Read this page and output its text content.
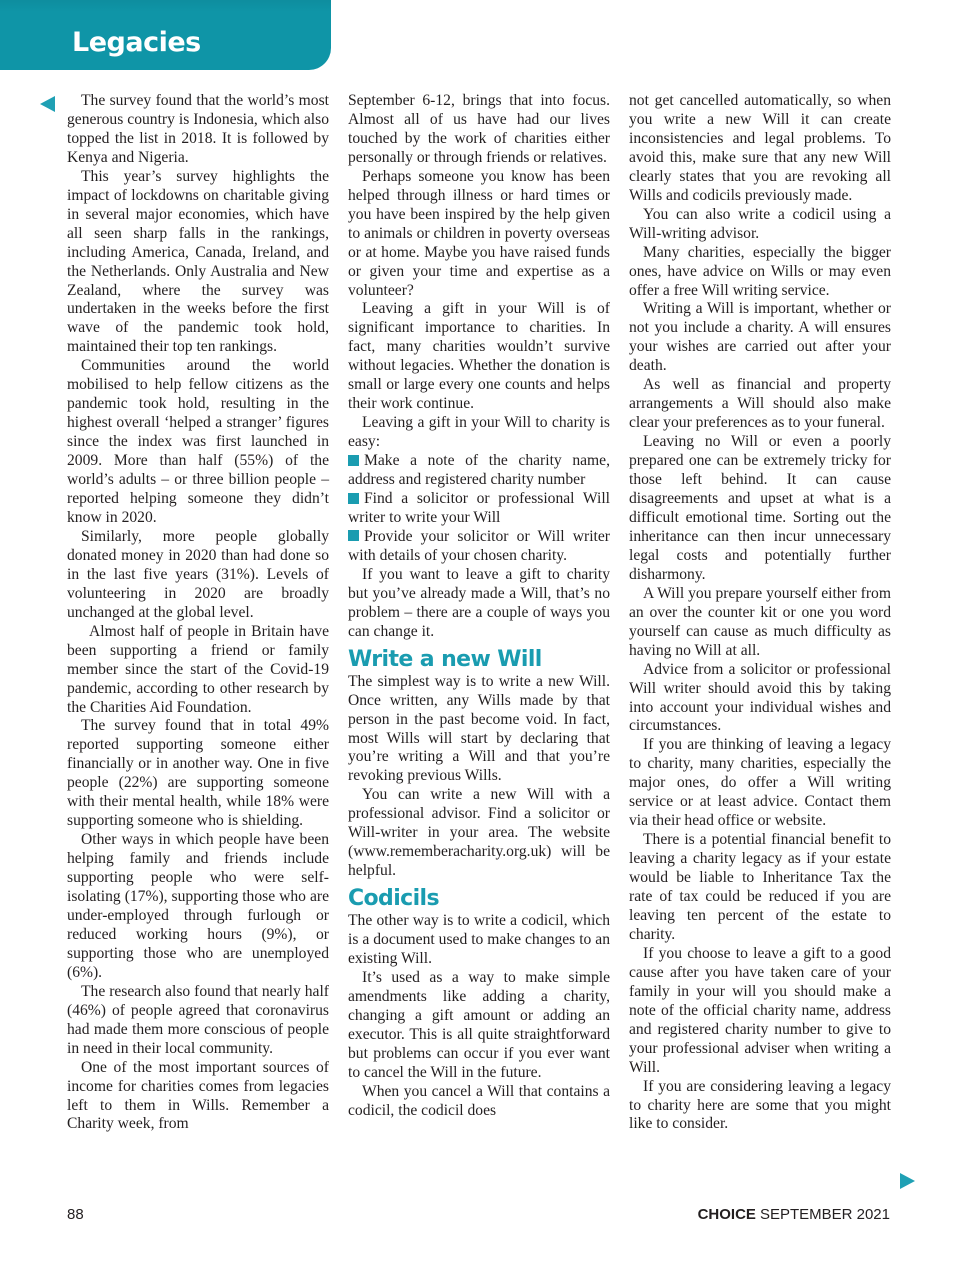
Legacies

The survey found that the world’s most generous country is Indonesia, which also topped the list in 2018. It is followed by Kenya and Nigeria.

This year’s survey highlights the impact of lockdowns on charitable giving in several major economies, which have all seen sharp falls in the rankings, including America, Canada, Ireland, and the Netherlands. Only Australia and New Zealand, where the survey was undertaken in the weeks before the first wave of the pandemic took hold, maintained their top ten rankings.

Communities around the world mobilised to help fellow citizens as the pandemic took hold, resulting in the highest overall ‘helped a stranger’ figures since the index was first launched in 2009. More than half (55%) of the world’s adults – or three billion people – reported helping someone they didn’t know in 2020.

Similarly, more people globally donated money in 2020 than had done so in the last five years (31%). Levels of volunteering in 2020 are broadly unchanged at the global level.

Almost half of people in Britain have been supporting a friend or family member since the start of the Covid-19 pandemic, according to other research by the Charities Aid Foundation.

The survey found that in total 49% reported supporting someone either financially or in another way. One in five people (22%) are supporting someone with their mental health, while 18% were supporting someone who is shielding.

Other ways in which people have been helping family and friends include supporting people who were self-isolating (17%), supporting those who are under-employed through furlough or reduced working hours (9%), or supporting those who are unemployed (6%).

The research also found that nearly half (46%) of people agreed that coronavirus had made them more conscious of people in need in their local community.

One of the most important sources of income for charities comes from legacies left to them in Wills. Remember a Charity week, from

September 6-12, brings that into focus. Almost all of us have had our lives touched by the work of charities either personally or through friends or relatives.

Perhaps someone you know has been helped through illness or hard times or you have been inspired by the help given to animals or children in poverty overseas or at home. Maybe you have raised funds or given your time and expertise as a volunteer?

Leaving a gift in your Will is of significant importance to charities. In fact, many charities wouldn’t survive without legacies. Whether the donation is small or large every one counts and helps their work continue.

Leaving a gift in your Will to charity is easy:

Make a note of the charity name, address and registered charity number

Find a solicitor or professional Will writer to write your Will

Provide your solicitor or Will writer with details of your chosen charity.

If you want to leave a gift to charity but you’ve already made a Will, that’s no problem – there are a couple of ways you can change it.

Write a new Will

The simplest way is to write a new Will. Once written, any Wills made by that person in the past become void. In fact, most Wills will start by declaring that you’re writing a Will and that you’re revoking previous Wills.

You can write a new Will with a professional advisor. Find a solicitor or Will-writer in your area. The website (www.rememberacharity.org.uk) will be helpful.

Codicils

The other way is to write a codicil, which is a document used to make changes to an existing Will.

It’s used as a way to make simple amendments like adding a charity, changing a gift amount or adding an executor. This is all quite straightforward but problems can occur if you ever want to cancel the Will in the future.

When you cancel a Will that contains a codicil, the codicil does

not get cancelled automatically, so when you write a new Will it can create inconsistencies and legal problems. To avoid this, make sure that any new Will clearly states that you are revoking all Wills and codicils previously made.

You can also write a codicil using a Will-writing advisor.

Many charities, especially the bigger ones, have advice on Wills or may even offer a free Will writing service.

Writing a Will is important, whether or not you include a charity. A will ensures your wishes are carried out after your death.

As well as financial and property arrangements a Will should also make clear your preferences as to your funeral.

Leaving no Will or even a poorly prepared one can be extremely tricky for those left behind. It can cause disagreements and upset at what is a difficult emotional time. Sorting out the inheritance can then incur unnecessary legal costs and potentially further disharmony.

A Will you prepare yourself either from an over the counter kit or one you word yourself can cause as much difficulty as having no Will at all.

Advice from a solicitor or professional Will writer should avoid this by taking into account your individual wishes and circumstances.

If you are thinking of leaving a legacy to charity, many charities, especially the major ones, do offer a Will writing service or at least advice. Contact them via their head office or website.

There is a potential financial benefit to leaving a charity legacy as if your estate would be liable to Inheritance Tax the rate of tax could be reduced if you are leaving ten percent of the estate to charity.

If you choose to leave a gift to a good cause after you have taken care of your family in your will you should make a note of the official charity name, address and registered charity number to give to your professional adviser when writing a Will.

If you are considering leaving a legacy to charity here are some that you might like to consider.

88	CHOICE SEPTEMBER 2021
